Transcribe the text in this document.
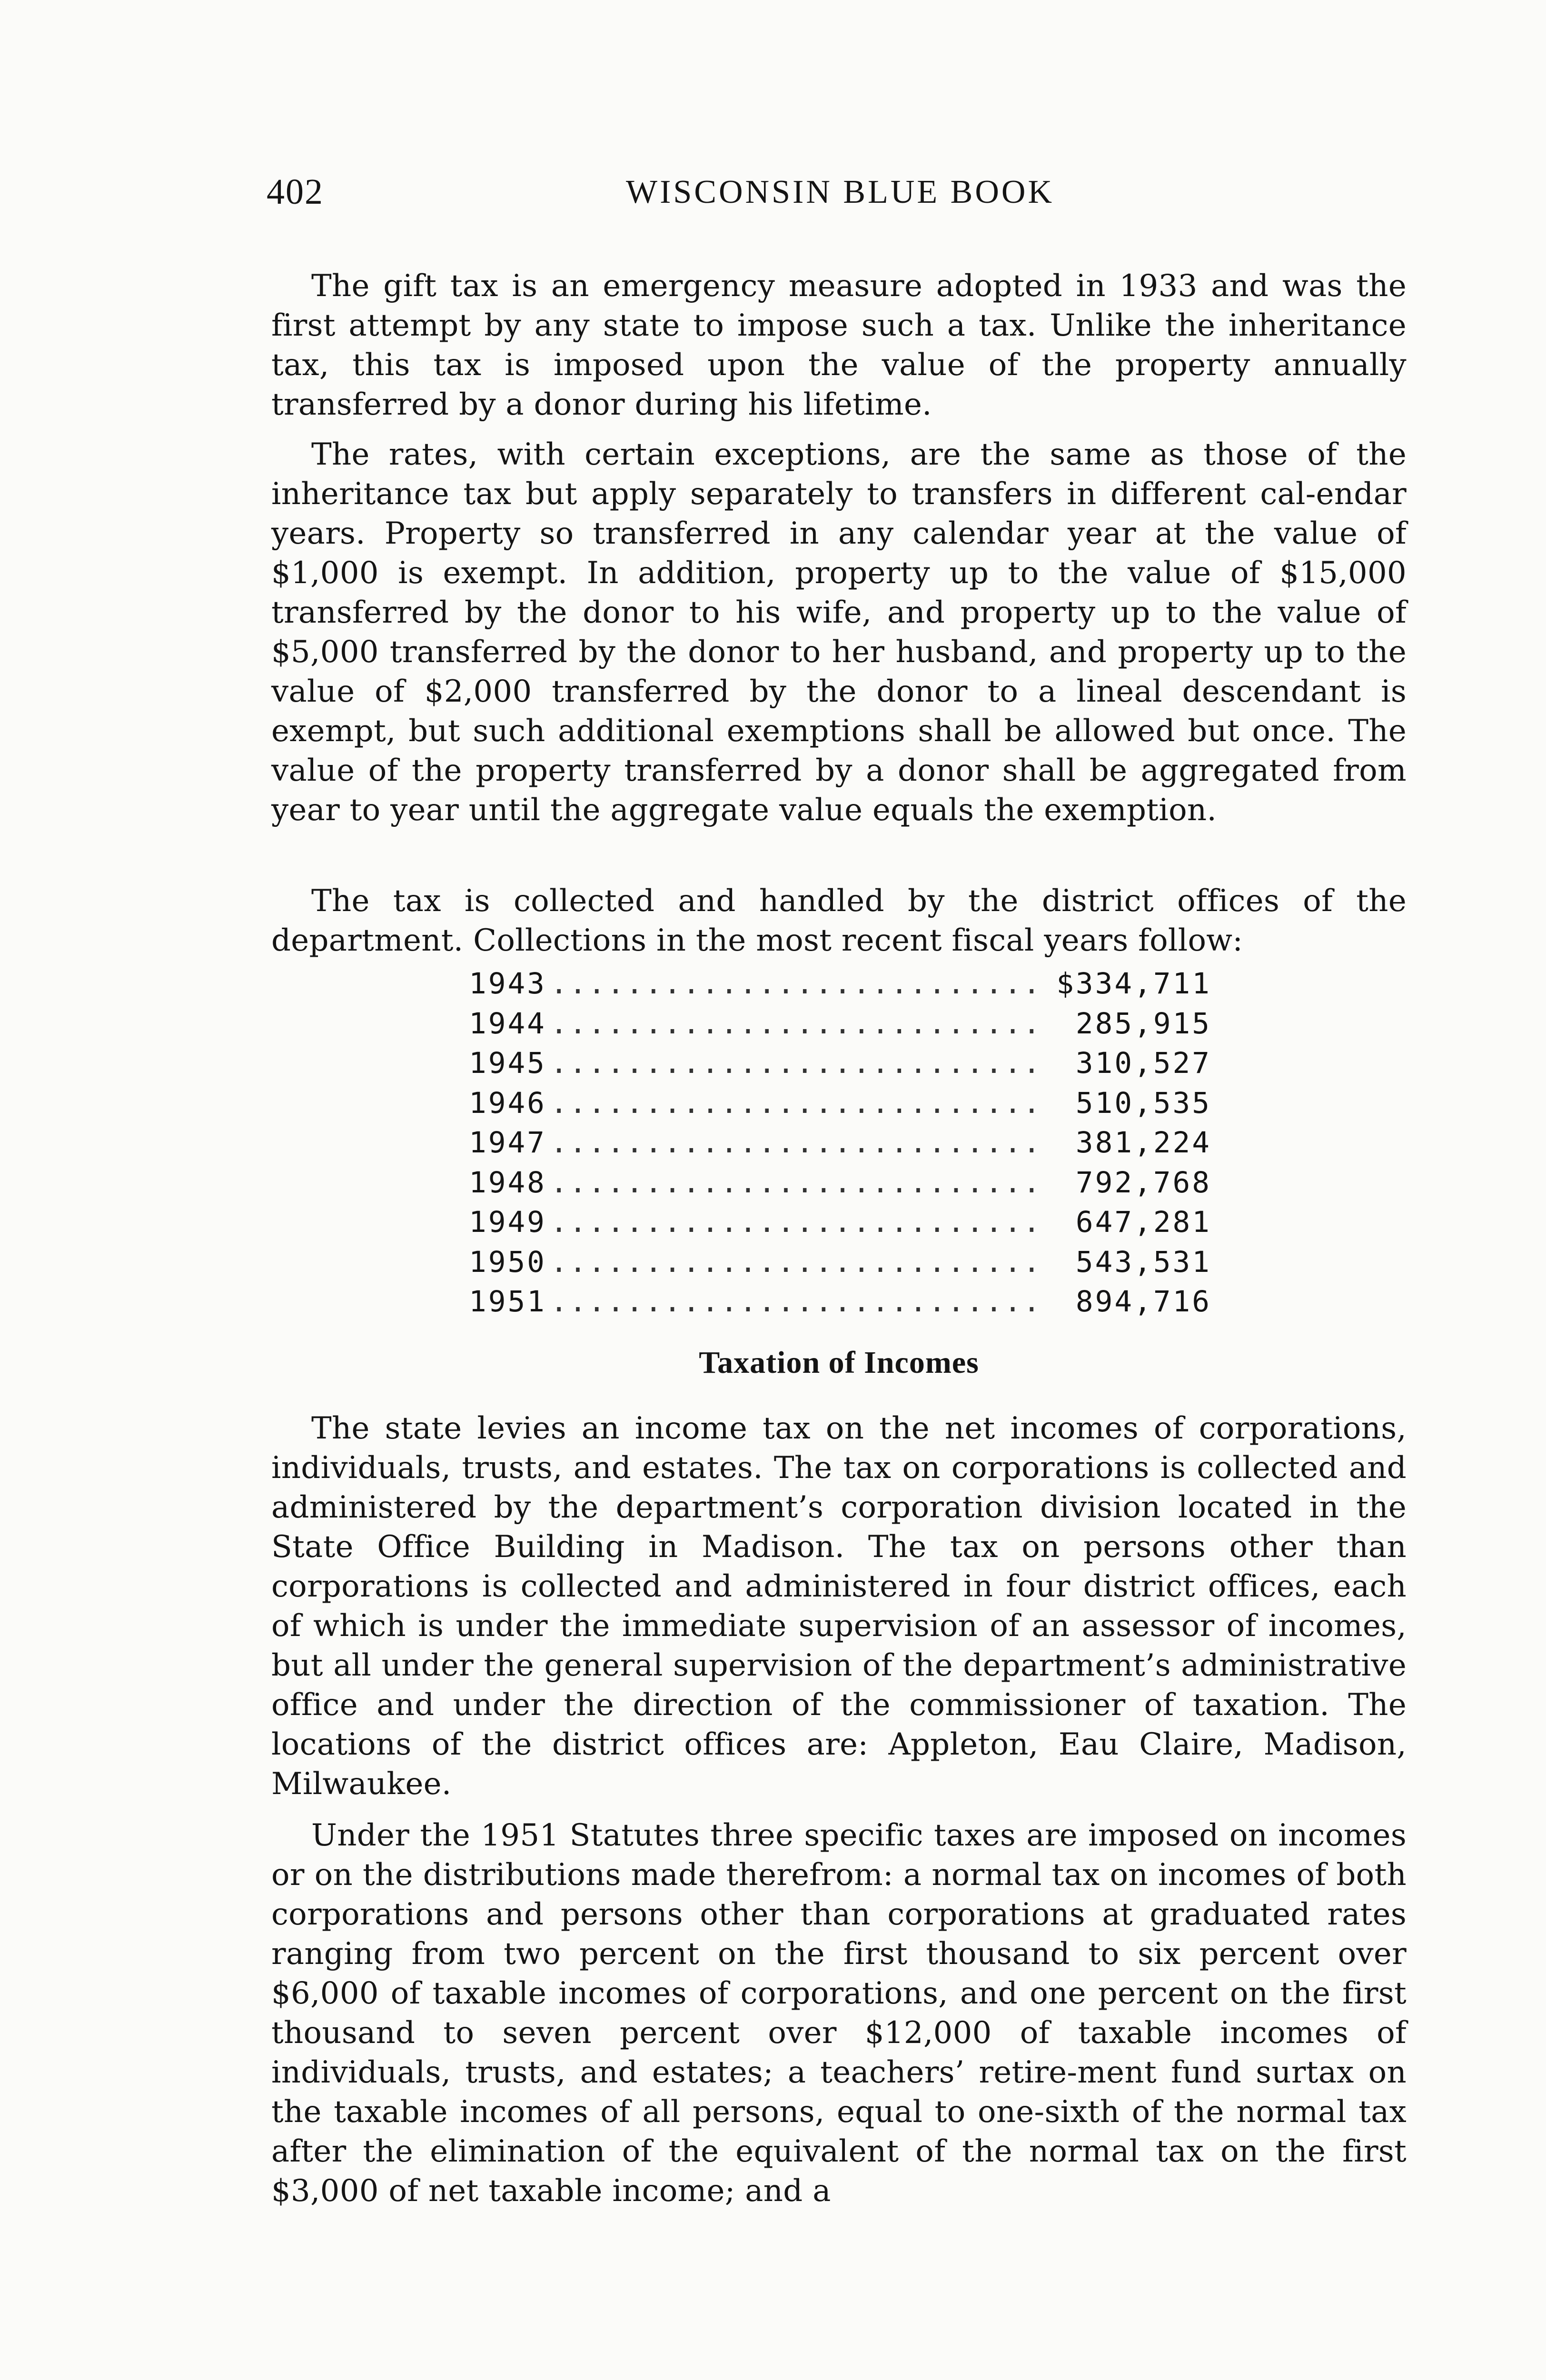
402	WISCONSIN BLUE BOOK

The gift tax is an emergency measure adopted in 1933 and was the first attempt by any state to impose such a tax. Unlike the inheritance tax, this tax is imposed upon the value of the property annually transferred by a donor during his lifetime.

The rates, with certain exceptions, are the same as those of the inheritance tax but apply separately to transfers in different cal-endar years. Property so transferred in any calendar year at the value of $1,000 is exempt. In addition, property up to the value of $15,000 transferred by the donor to his wife, and property up to the value of $5,000 transferred by the donor to her husband, and property up to the value of $2,000 transferred by the donor to a lineal descendant is exempt, but such additional exemptions shall be allowed but once. The value of the property transferred by a donor shall be aggregated from year to year until the aggregate value equals the exemption.

The tax is collected and handled by the district offices of the department. Collections in the most recent fiscal years follow:

1943 .....	$334,711
1944 .....	285,915
1945 .....	310,527
1946 .....	510,535
1947 .....	381,224
1948 .....	792,768
1949 .....	647,281
1950 .....	543,531
1951 .....	894,716
Taxation of Incomes

The state levies an income tax on the net incomes of corporations, individuals, trusts, and estates. The tax on corporations is collected and administered by the department’s corporation division located in the State Office Building in Madison. The tax on persons other than corporations is collected and administered in four district offices, each of which is under the immediate supervision of an assessor of incomes, but all under the general supervision of the department’s administrative office and under the direction of the commissioner of taxation. The locations of the district offices are: Appleton, Eau Claire, Madison, Milwaukee.

Under the 1951 Statutes three specific taxes are imposed on incomes or on the distributions made therefrom: a normal tax on incomes of both corporations and persons other than corporations at graduated rates ranging from two percent on the first thousand to six percent over $6,000 of taxable incomes of corporations, and one percent on the first thousand to seven percent over $12,000 of taxable incomes of individuals, trusts, and estates; a teachers’ retire-ment fund surtax on the taxable incomes of all persons, equal to one-sixth of the normal tax after the elimination of the equivalent of the normal tax on the first $3,000 of net taxable income; and a
